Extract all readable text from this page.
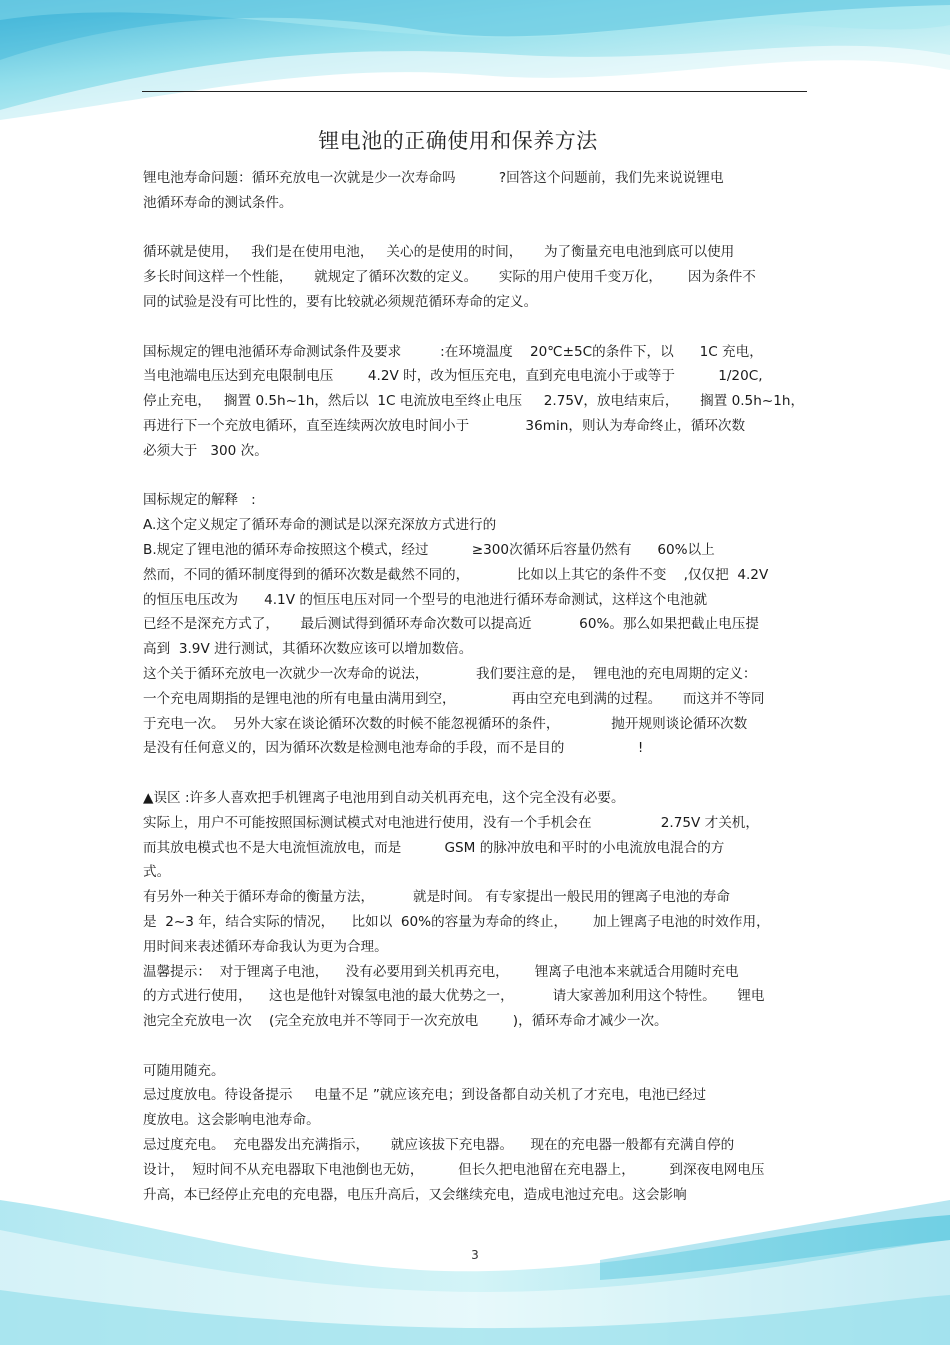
锂电池的正确使用和保养方法
锂电池寿命问题：循环充放电一次就是少一次寿命吗          ?回答这个问题前，我们先来说说锂电
池循环寿命的测试条件。
循环就是使用，   我们是在使用电池，   关心的是使用的时间，     为了衡量充电电池到底可以使用
多长时间这样一个性能，     就规定了循环次数的定义。     实际的用户使用千变万化，      因为条件不
同的试验是没有可比性的，要有比较就必须规范循环寿命的定义。
国标规定的锂电池循环寿命测试条件及要求         :在环境温度    20℃±5C的条件下，以      1C 充电，
当电池端电压达到充电限制电压        4.2V 时，改为恒压充电，直到充电电流小于或等于          1/20C,
停止充电，   搁置 0.5h~1h，然后以  1C 电流放电至终止电压     2.75V，放电结束后，     搁置 0.5h~1h，
再进行下一个充放电循环，直至连续两次放电时间小于             36min，则认为寿命终止，循环次数
必须大于   300 次。
国标规定的解释   :
A.这个定义规定了循环寿命的测试是以深充深放方式进行的
B.规定了锂电池的循环寿命按照这个模式，经过          ≥300次循环后容量仍然有      60%以上
然而，不同的循环制度得到的循环次数是截然不同的，           比如以上其它的条件不变    ,仅仅把  4.2V
的恒压电压改为      4.1V 的恒压电压对同一个型号的电池进行循环寿命测试，这样这个电池就
已经不是深充方式了，     最后测试得到循环寿命次数可以提高近           60%。那么如果把截止电压提
高到  3.9V 进行测试，其循环次数应该可以增加数倍。
这个关于循环充放电一次就少一次寿命的说法，           我们要注意的是，  锂电池的充电周期的定义：
一个充电周期指的是锂电池的所有电量由满用到空，             再由空充电到满的过程。     而这并不等同
于充电一次。  另外大家在谈论循环次数的时候不能忽视循环的条件，            抛开规则谈论循环次数
是没有任何意义的，因为循环次数是检测电池寿命的手段，而不是目的                 !
▲误区 :许多人喜欢把手机锂离子电池用到自动关机再充电，这个完全没有必要。
实际上，用户不可能按照国标测试模式对电池进行使用，没有一个手机会在                2.75V 才关机，
而其放电模式也不是大电流恒流放电，而是          GSM 的脉冲放电和平时的小电流放电混合的方
式。
有另外一种关于循环寿命的衡量方法，         就是时间。 有专家提出一般民用的锂离子电池的寿命
是  2~3 年，结合实际的情况，    比如以  60%的容量为寿命的终止，      加上锂离子电池的时效作用，
用时间来表述循环寿命我认为更为合理。
温馨提示：  对于锂离子电池，    没有必要用到关机再充电，      锂离子电池本来就适合用随时充电
的方式进行使用，    这也是他针对镍氢电池的最大优势之一，         请大家善加利用这个特性。     锂电
池完全充放电一次    (完全充放电并不等同于一次充放电        )，循环寿命才减少一次。
可随用随充。
忌过度放电。待设备提示     电量不足 ”就应该充电；到设备都自动关机了才充电，电池已经过
度放电。这会影响电池寿命。
忌过度充电。  充电器发出充满指示，     就应该拔下充电器。    现在的充电器一般都有充满自停的
设计，  短时间不从充电器取下电池倒也无妨，        但长久把电池留在充电器上，        到深夜电网电压
升高，本已经停止充电的充电器，电压升高后，又会继续充电，造成电池过充电。这会影响
3
